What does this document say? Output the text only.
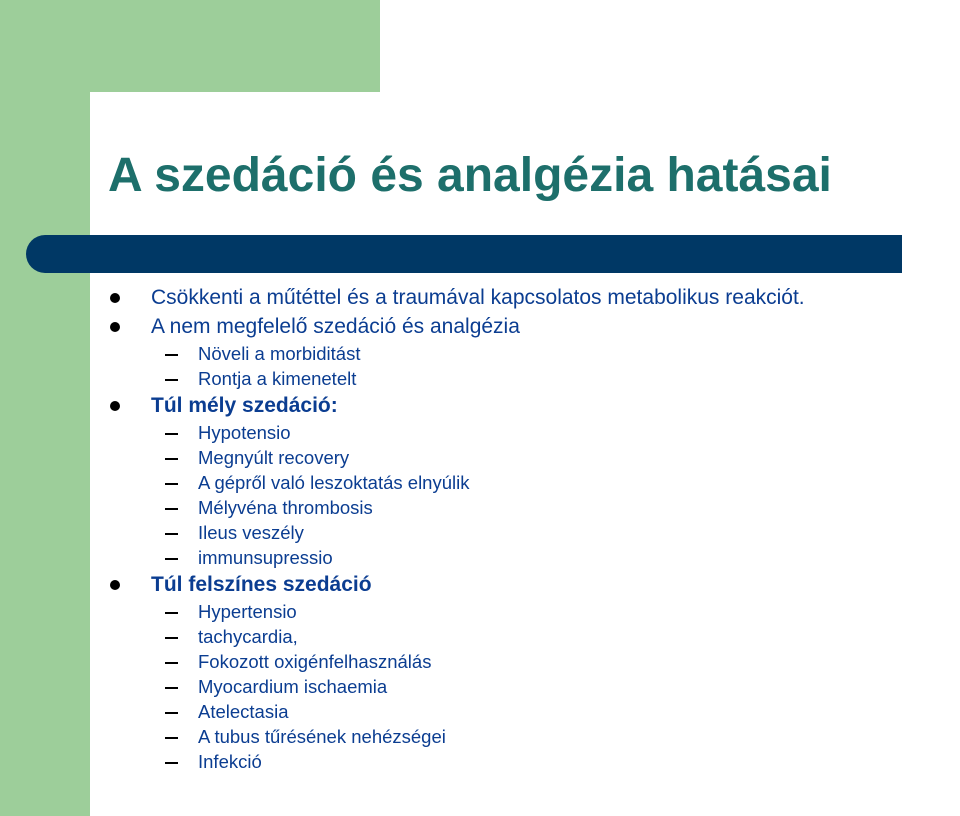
A szedáció és analgézia hatásai
Csökkenti a műtéttel és a traumával kapcsolatos metabolikus reakciót.
A nem megfelelő szedáció és analgézia
Növeli a morbiditást
Rontja a kimenetelt
Túl mély szedáció:
Hypotensio
Megnyúlt recovery
A gépről való leszoktatás elnyúlik
Mélyvéna thrombosis
Ileus veszély
immunsupressio
Túl felszínes szedáció
Hypertensio
tachycardia,
Fokozott oxigénfelhasználás
Myocardium ischaemia
Atelectasia
A tubus tűrésének nehézségei
Infekció
